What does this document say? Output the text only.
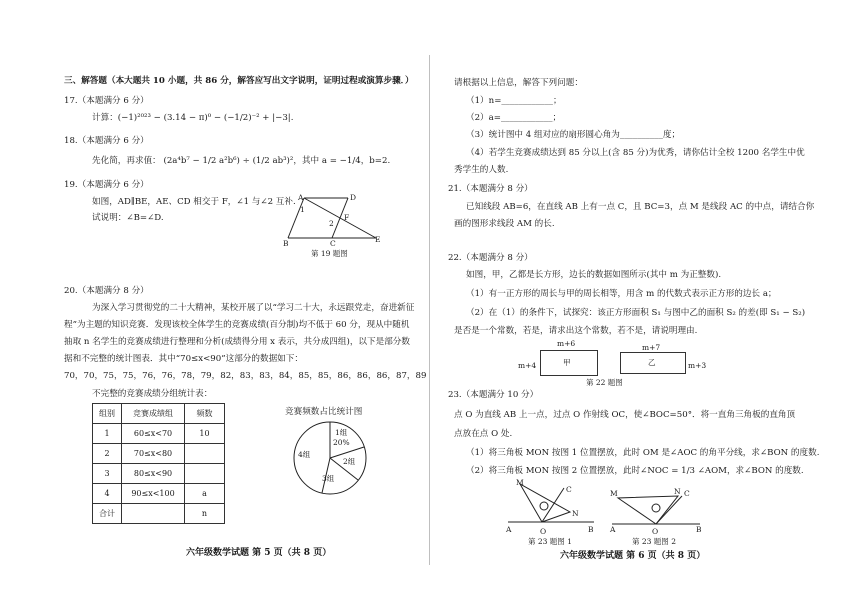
三、解答题（本大题共 10 小题，共 86 分，解答应写出文字说明，证明过程或演算步骤．）
17.（本题满分 6 分）
计算：(−1)²⁰²³ − (3.14 − π)⁰ − (−1/2)⁻² + |−3|.
18.（本题满分 6 分）
先化简，再求值： (2a⁴b⁷ − 1/2 a²b⁶) ÷ (1/2 ab³)²，其中 a = −1/4，b=2.
19.（本题满分 6 分）
如图，AD∥BE，AE、CD 相交于 F，∠1 与∠2 互补.
试说明：∠B=∠D.
A	D
B	C	E
F
1
2
第 19 题图
20.（本题满分 8 分）
为深入学习贯彻党的二十大精神，某校开展了以“学习二十大，永远跟党走，奋进新征程”为主题的知识竞赛．发现该校全体学生的竞赛成绩(百分制)均不低于 60 分，现从中随机抽取 n 名学生的竞赛成绩进行整理和分析(成绩得分用 x 表示，共分成四组)，以下是部分数据和不完整的统计图表．其中“70≤x<90”这部分的数据如下：
70，70，75，75，76，76，78，79，82，83，83，84，85，85，86，86，86，87，89
不完整的竞赛成绩分组统计表：
组别	竞赛成绩组	频数
1	60≤x<70	10
2	70≤x<80	
3	80≤x<90	
4	90≤x<100	a
合计		n
竞赛频数占比统计图
1组
20%
2组
3组
4组
六年级数学试题 第 5 页（共 8 页）
请根据以上信息，解答下列问题：
（1）n=____________；
（2）a=____________；
（3）统计图中 4 组对应的扇形圆心角为__________度；
（4）若学生竞赛成绩达到 85 分以上(含 85 分)为优秀，请你估计全校 1200 名学生中优
秀学生的人数.
21.（本题满分 8 分）
已知线段 AB=6，在直线 AB 上有一点 C，且 BC=3，点 M 是线段 AC 的中点，请结合你
画的图形求线段 AM 的长.
22.（本题满分 8 分）
如图，甲，乙都是长方形，边长的数据如图所示(其中 m 为正整数).
（1）有一正方形的周长与甲的周长相等，用含 m 的代数式表示正方形的边长 a；
（2）在（1）的条件下，试探究：该正方形面积 S₁ 与图中乙的面积 S₂ 的差(即 S₁ − S₂)
是否是一个常数，若是，请求出这个常数，若不是，请说明理由.
m+6
甲
m+4
m+7
乙	m+3
第 22 题图
23.（本题满分 10 分）
点 O 为直线 AB 上一点，过点 O 作射线 OC，使∠BOC=50°．将一直角三角板的直角顶
点放在点 O 处.
（1）将三角板 MON 按图 1 位置摆放，此时 OM 是∠AOC 的角平分线，求∠BON 的度数.
（2）将三角板 MON 按图 2 位置摆放，此时∠NOC = 1/3 ∠AOM，求∠BON 的度数.
M
C
N
A	O	B
第 23 题图 1
M	N C
A	O	B
第 23 题图 2
六年级数学试题 第 6 页（共 8 页）
